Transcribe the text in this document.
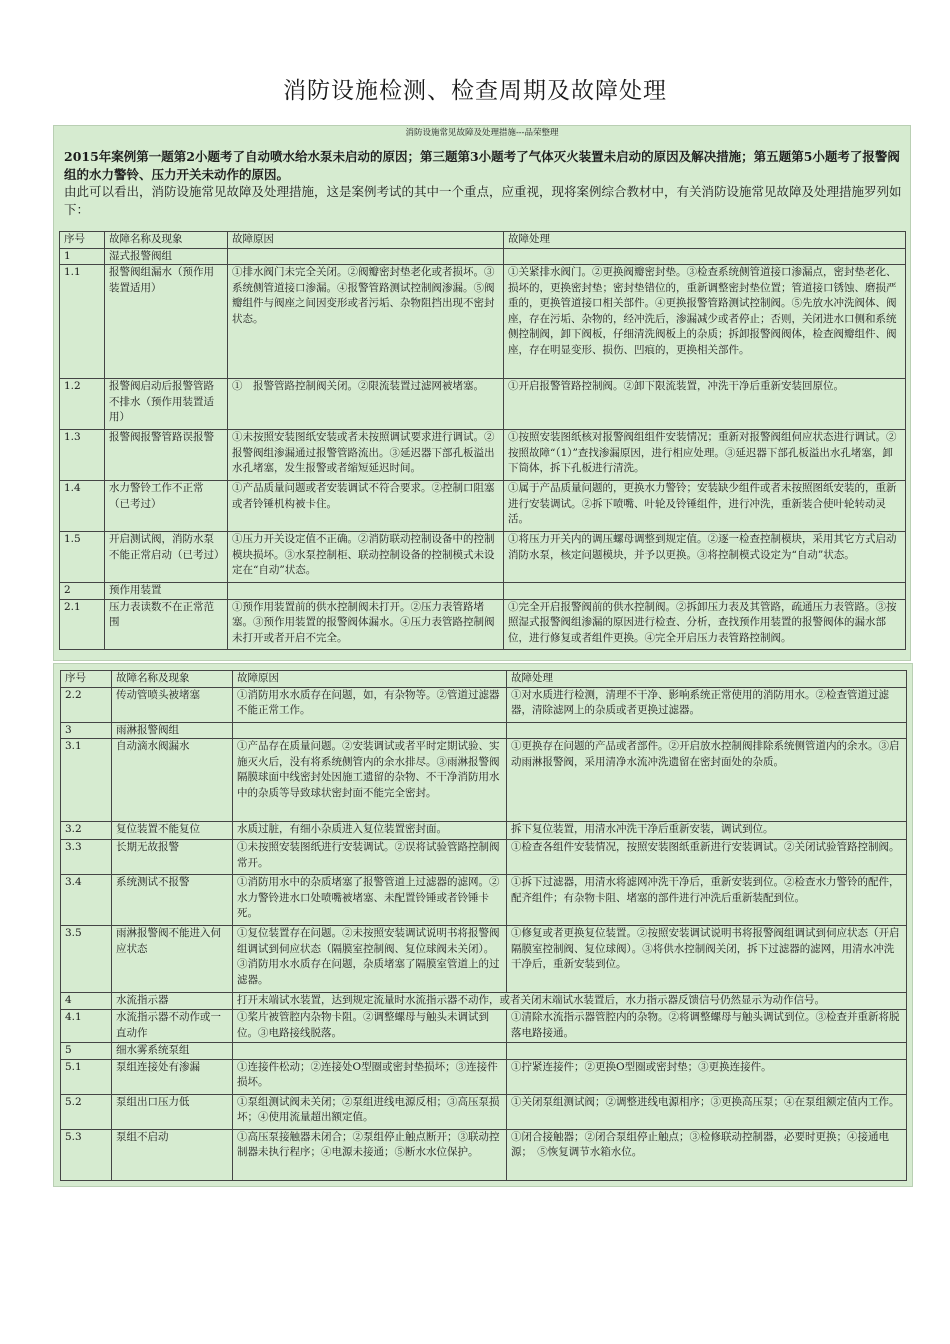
消防设施检测、检查周期及故障处理
消防设施常见故障及处理措施---品荣整理

2015年案例第一题第2小题考了自动喷水给水泵未启动的原因；第三题第3小题考了气体灭火装置未启动的原因及解决措施；第五题第5小题考了报警阀组的水力警铃、压力开关未动作的原因。

由此可以看出，消防设施常见故障及处理措施，这是案例考试的其中一个重点，应重视，现将案例综合教材中，有关消防设施常见故障及处理措施罗列如下：

序号	故障名称及现象	故障原因	故障处理
1	湿式报警阀组		
1.1	报警阀组漏水（预作用装置适用）	①排水阀门未完全关闭。②阀瓣密封垫老化或者损坏。③系统侧管道接口渗漏。④报警管路测试控制阀渗漏。⑤阀瓣组件与阀座之间因变形或者污垢、杂物阻挡出现不密封状态。	①关紧排水阀门。②更换阀瓣密封垫。③检查系统侧管道接口渗漏点，密封垫老化、损坏的，更换密封垫；密封垫错位的，重新调整密封垫位置；管道接口锈蚀、磨损严重的，更换管道接口相关部件。④更换报警管路测试控制阀。⑤先放水冲洗阀体、阀座，存在污垢、杂物的，经冲洗后，渗漏减少或者停止；否则，关闭进水口侧和系统侧控制阀，卸下阀板，仔细清洗阀板上的杂质；拆卸报警阀阀体，检查阀瓣组件、阀座，存在明显变形、损伤、凹痕的，更换相关部件。
1.2	报警阀启动后报警管路不排水（预作用装置适用）	①　报警管路控制阀关闭。②限流装置过滤网被堵塞。	①开启报警管路控制阀。②卸下限流装置，冲洗干净后重新安装回原位。
1.3	报警阀报警管路误报警	①未按照安装图纸安装或者未按照调试要求进行调试。②报警阀组渗漏通过报警管路流出。③延迟器下部孔板溢出水孔堵塞，发生报警或者缩短延迟时间。	①按照安装图纸核对报警阀组组件安装情况；重新对报警阀组伺应状态进行调试。②按照故障“（1）”查找渗漏原因，进行相应处理。③延迟器下部孔板溢出水孔堵塞，卸下筒体，拆下孔板进行清洗。
1.4	水力警铃工作不正常（已考过）	①产品质量问题或者安装调试不符合要求。②控制口阻塞或者铃锤机构被卡住。	①属于产品质量问题的，更换水力警铃；安装缺少组件或者未按照图纸安装的，重新进行安装调试。②拆下喷嘴、叶轮及铃锤组件，进行冲洗，重新装合使叶轮转动灵活。
1.5	开启测试阀，消防水泵不能正常启动（已考过）	①压力开关设定值不正确。②消防联动控制设备中的控制模块损坏。③水泵控制柜、联动控制设备的控制模式未设定在“自动”状态。	①将压力开关内的调压螺母调整到规定值。②逐一检查控制模块，采用其它方式启动消防水泵，核定问题模块，并予以更换。③将控制模式设定为“自动”状态。
2	预作用装置		
2.1	压力表读数不在正常范围	①预作用装置前的供水控制阀未打开。②压力表管路堵塞。③预作用装置的报警阀体漏水。④压力表管路控制阀未打开或者开启不完全。	①完全开启报警阀前的供水控制阀。②拆卸压力表及其管路，疏通压力表管路。③按照湿式报警阀组渗漏的原因进行检查、分析，查找预作用装置的报警阀体的漏水部位，进行修复或者组件更换。④完全开启压力表管路控制阀。
序号	故障名称及现象	故障原因	故障处理
2.2	传动管喷头被堵塞	①消防用水水质存在问题，如，有杂物等。②管道过滤器不能正常工作。	①对水质进行检测，清理不干净、影响系统正常使用的消防用水。②检查管道过滤器，清除滤网上的杂质或者更换过滤器。
3	雨淋报警阀组		
3.1	自动滴水阀漏水	①产品存在质量问题。②安装调试或者平时定期试验、实施灭火后，没有将系统侧管内的余水排尽。③雨淋报警阀隔膜球面中线密封处因施工遗留的杂物、不干净消防用水中的杂质等导致球状密封面不能完全密封。	①更换存在问题的产品或者部件。②开启放水控制阀排除系统侧管道内的余水。③启动雨淋报警阀，采用清净水流冲洗遗留在密封面处的杂质。
3.2	复位装置不能复位	水质过脏，有细小杂质进入复位装置密封面。	拆下复位装置，用清水冲洗干净后重新安装，调试到位。
3.3	长期无故报警	①未按照安装图纸进行安装调试。②误将试验管路控制阀常开。	①检查各组件安装情况，按照安装图纸重新进行安装调试。②关闭试验管路控制阀。
3.4	系统测试不报警	①消防用水中的杂质堵塞了报警管道上过滤器的滤网。②水力警铃进水口处喷嘴被堵塞、未配置铃锤或者铃锤卡死。	①拆下过滤器，用清水将滤网冲洗干净后，重新安装到位。②检查水力警铃的配件，配齐组件；有杂物卡阻、堵塞的部件进行冲洗后重新装配到位。
3.5	雨淋报警阀不能进入伺应状态	①复位装置存在问题。②未按照安装调试说明书将报警阀组调试到伺应状态（隔膜室控制阀、复位球阀未关闭）。③消防用水水质存在问题，杂质堵塞了隔膜室管道上的过滤器。	①修复或者更换复位装置。②按照安装调试说明书将报警阀组调试到伺应状态（开启隔膜室控制阀、复位球阀）。③将供水控制阀关闭，拆下过滤器的滤网，用清水冲洗干净后，重新安装到位。
4	水流指示器	打开末端试水装置，达到规定流量时水流指示器不动作，或者关闭末端试水装置后，水力指示器反馈信号仍然显示为动作信号。	
4.1	水流指示器不动作或一直动作	①桨片被管腔内杂物卡阻。②调整螺母与触头未调试到位。③电路接线脱落。	①清除水流指示器管腔内的杂物。②将调整螺母与触头调试到位。③检查并重新将脱落电路接通。
5	细水雾系统泵组		
5.1	泵组连接处有渗漏	①连接件松动；②连接处O型圈或密封垫损坏；③连接件损坏。	①拧紧连接件；②更换O型圈或密封垫；③更换连接件。
5.2	泵组出口压力低	①泵组测试阀未关闭；②泵组进线电源反相；③高压泵损坏；④使用流量超出额定值。	①关闭泵组测试阀；②调整进线电源相序；③更换高压泵；④在泵组额定值内工作。
5.3	泵组不启动	①高压泵接触器未闭合；②泵组停止触点断开；③联动控制器未执行程序；④电源未接通；⑤断水水位保护。	①闭合接触器；②闭合泵组停止触点；③检修联动控制器，必要时更换；④接通电源；　⑤恢复调节水箱水位。
